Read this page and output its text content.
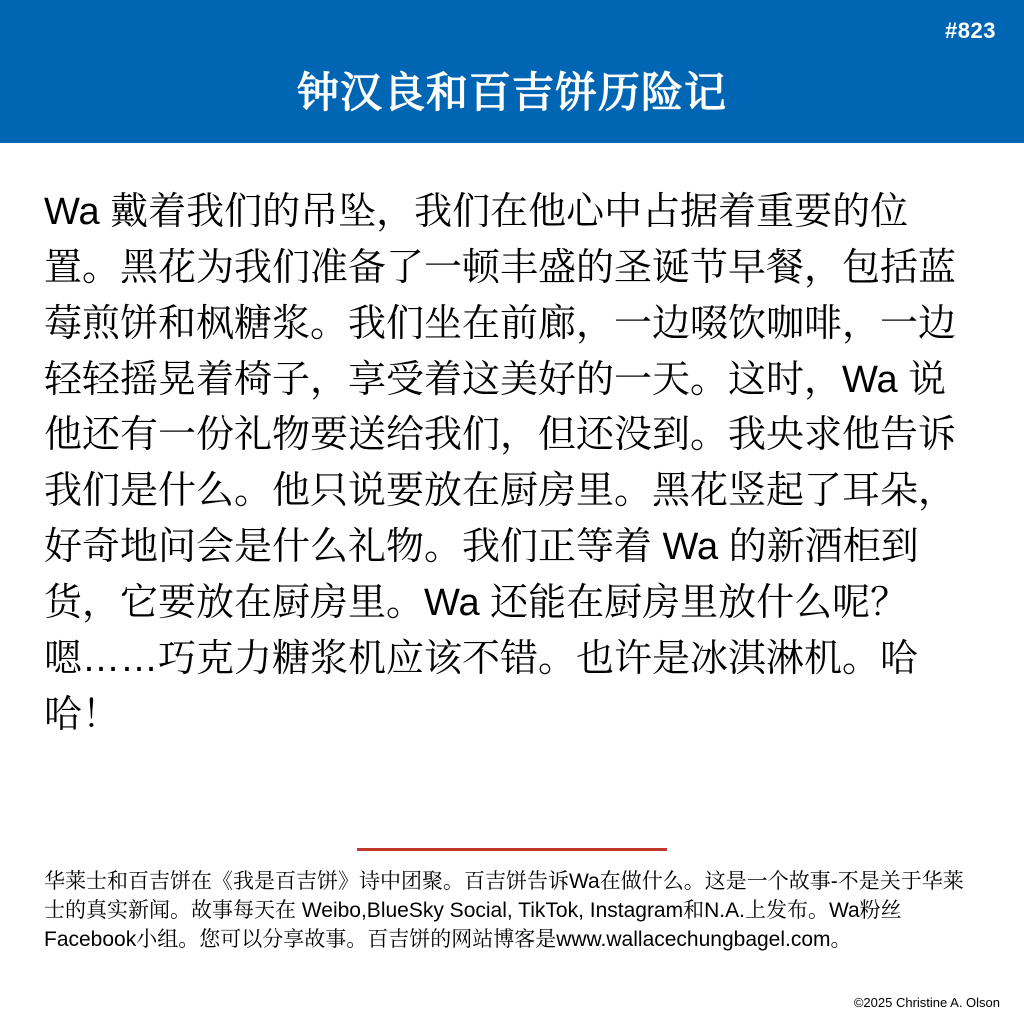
#823
钟汉良和百吉饼历险记
Wa 戴着我们的吊坠，我们在他心中占据着重要的位置。黑花为我们准备了一顿丰盛的圣诞节早餐，包括蓝莓煎饼和枫糖浆。我们坐在前廊，一边啜饮咖啡，一边轻轻摇晃着椅子，享受着这美好的一天。这时，Wa 说他还有一份礼物要送给我们，但还没到。我央求他告诉我们是什么。他只说要放在厨房里。黑花竖起了耳朵，好奇地问会是什么礼物。我们正等着 Wa 的新酒柜到货，它要放在厨房里。Wa 还能在厨房里放什么呢？嗯……巧克力糖浆机应该不错。也许是冰淇淋机。哈哈！
华莱士和百吉饼在《我是百吉饼》诗中团聚。百吉饼告诉Wa在做什么。这是一个故事-不是关于华莱士的真实新闻。故事每天在 Weibo,BlueSky Social, TikTok, Instagram和N.A.上发布。Wa粉丝Facebook小组。您可以分享故事。百吉饼的网站博客是www.wallacechungbagel.com。
©2025 Christine A. Olson
